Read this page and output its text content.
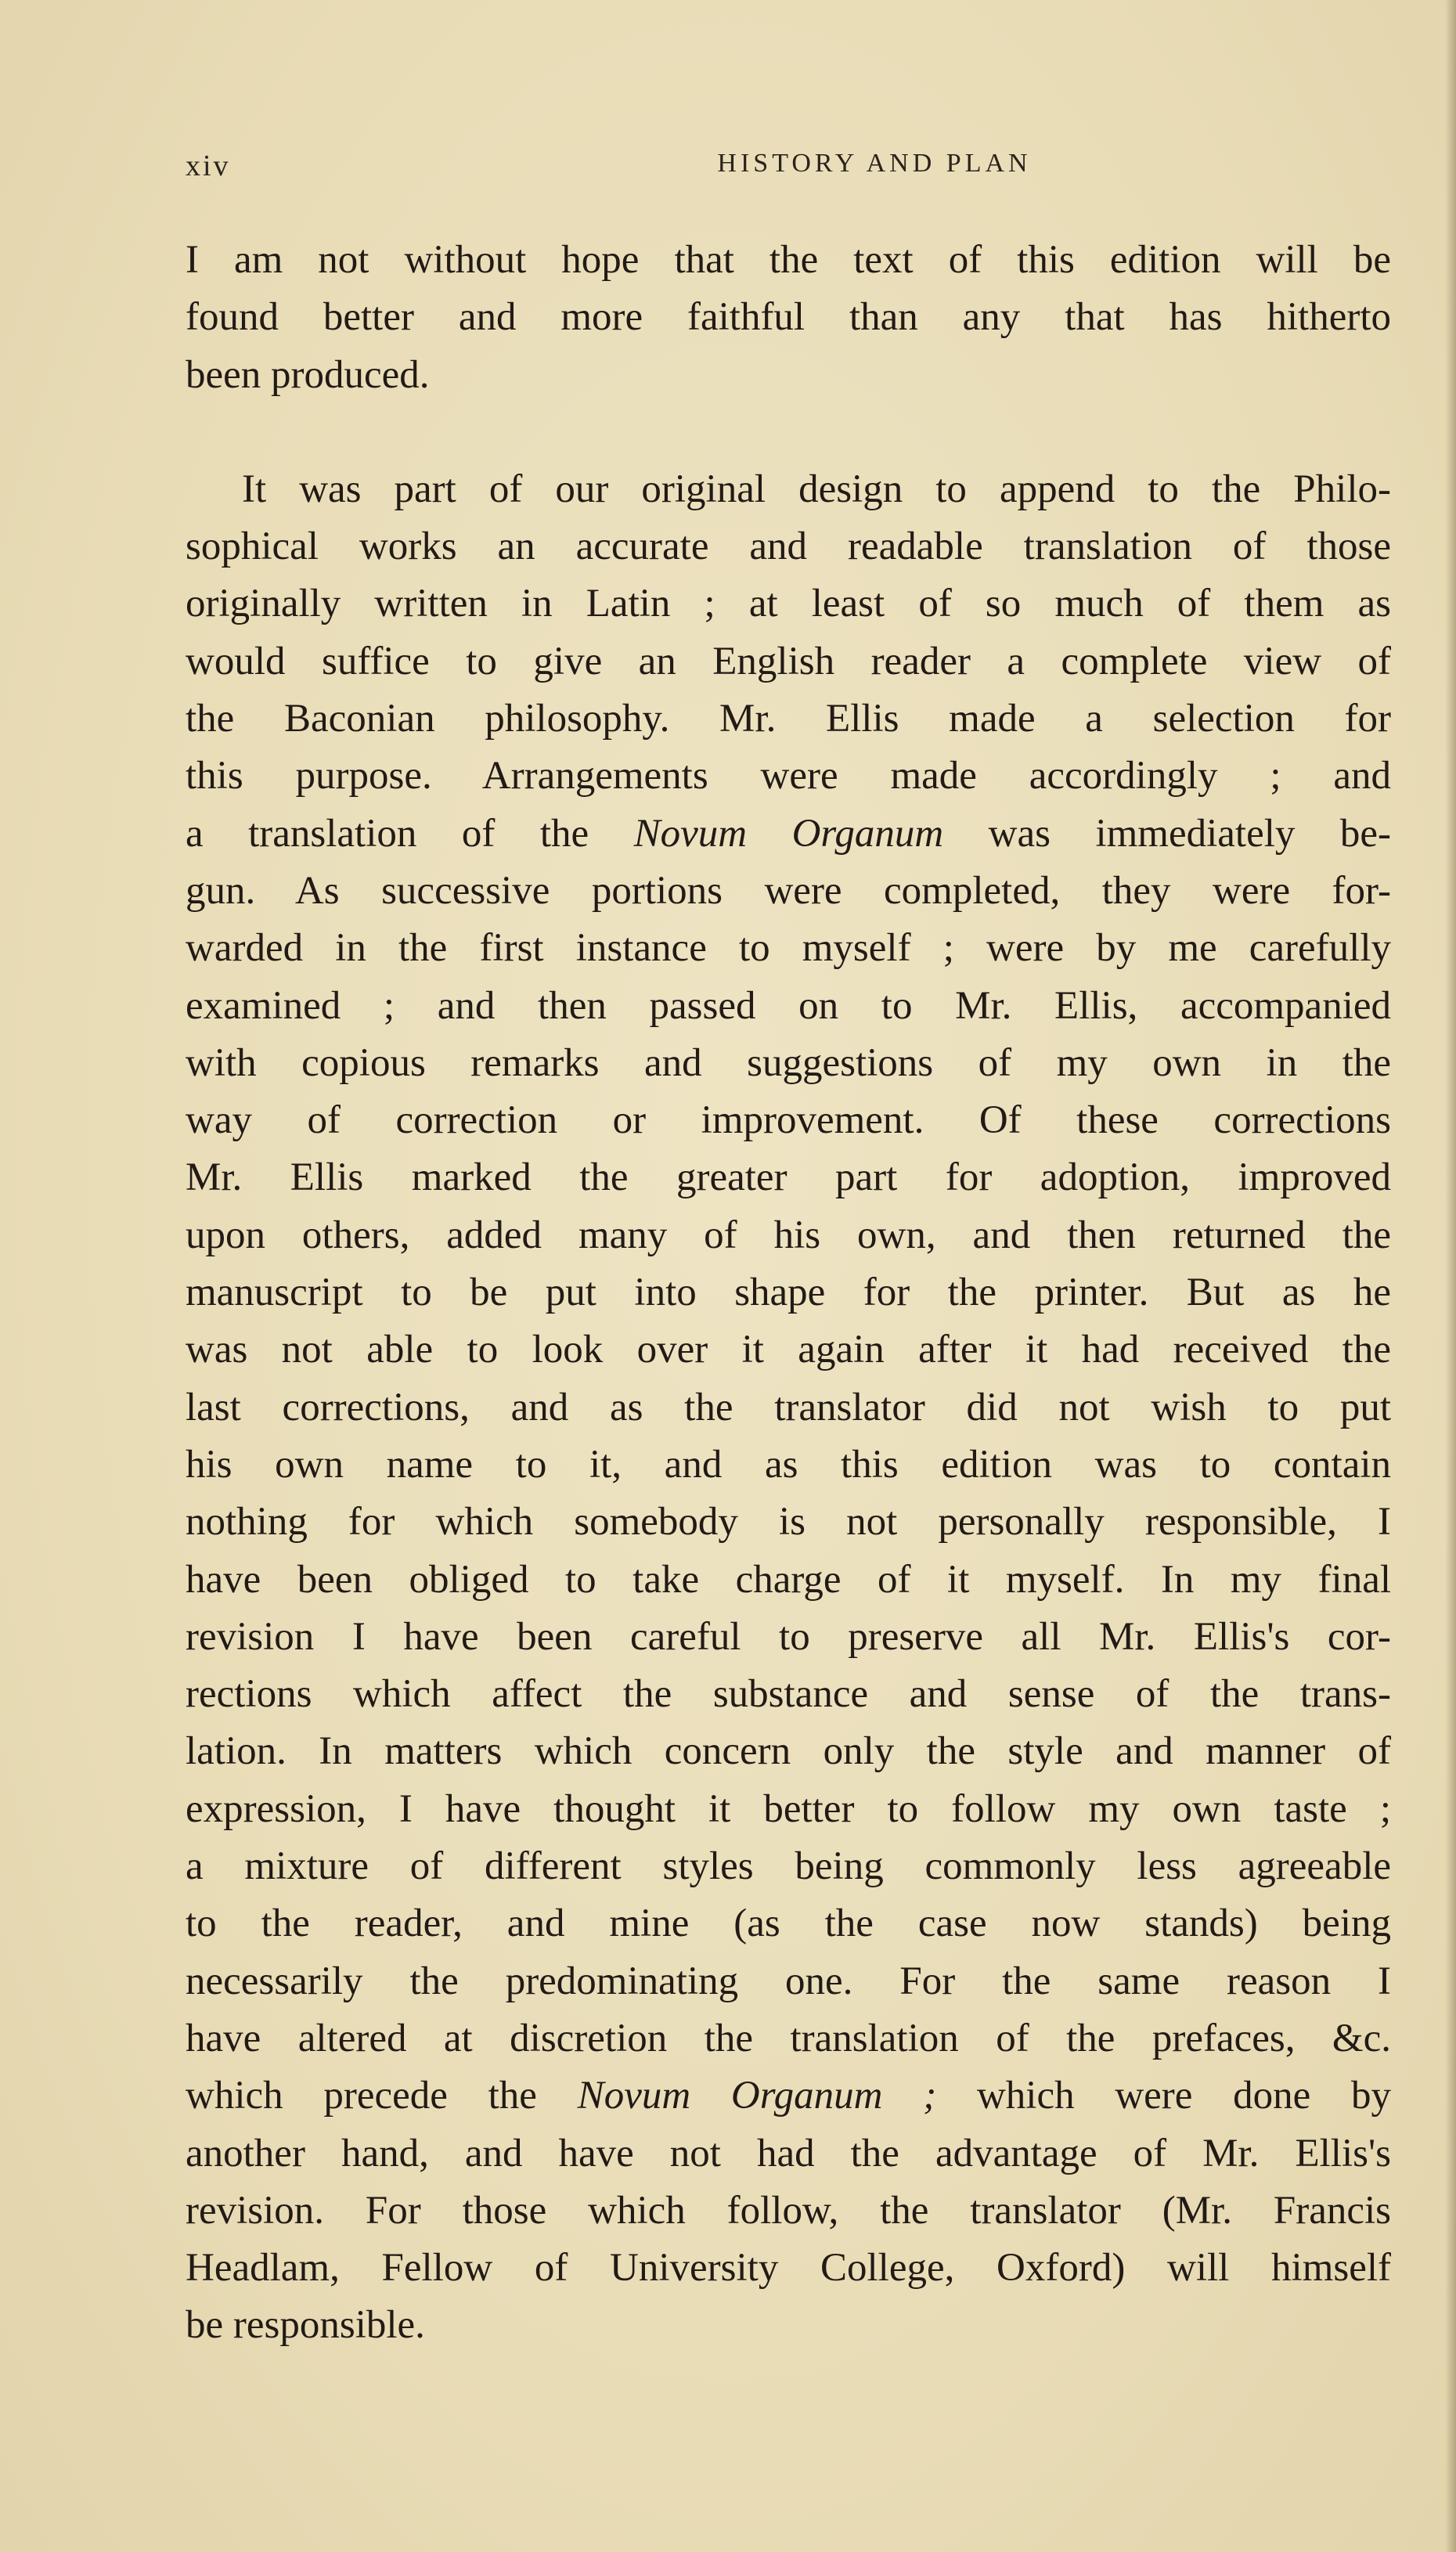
xiv	HISTORY AND PLAN
I am not without hope that the text of this edition will be
found better and more faithful than any that has hitherto
been produced.
It was part of our original design to append to the Philo-
sophical works an accurate and readable translation of those
originally written in Latin ; at least of so much of them as
would suffice to give an English reader a complete view of
the Baconian philosophy. Mr. Ellis made a selection for
this purpose. Arrangements were made accordingly ; and
a translation of the Novum Organum was immediately be-
gun. As successive portions were completed, they were for-
warded in the first instance to myself ; were by me carefully
examined ; and then passed on to Mr. Ellis, accompanied
with copious remarks and suggestions of my own in the
way of correction or improvement. Of these corrections
Mr. Ellis marked the greater part for adoption, improved
upon others, added many of his own, and then returned the
manuscript to be put into shape for the printer. But as he
was not able to look over it again after it had received the
last corrections, and as the translator did not wish to put
his own name to it, and as this edition was to contain
nothing for which somebody is not personally responsible, I
have been obliged to take charge of it myself. In my final
revision I have been careful to preserve all Mr. Ellis's cor-
rections which affect the substance and sense of the trans-
lation. In matters which concern only the style and manner of
expression, I have thought it better to follow my own taste ;
a mixture of different styles being commonly less agreeable
to the reader, and mine (as the case now stands) being
necessarily the predominating one. For the same reason I
have altered at discretion the translation of the prefaces, &c.
which precede the Novum Organum ; which were done by
another hand, and have not had the advantage of Mr. Ellis's
revision. For those which follow, the translator (Mr. Francis
Headlam, Fellow of University College, Oxford) will himself
be responsible.
